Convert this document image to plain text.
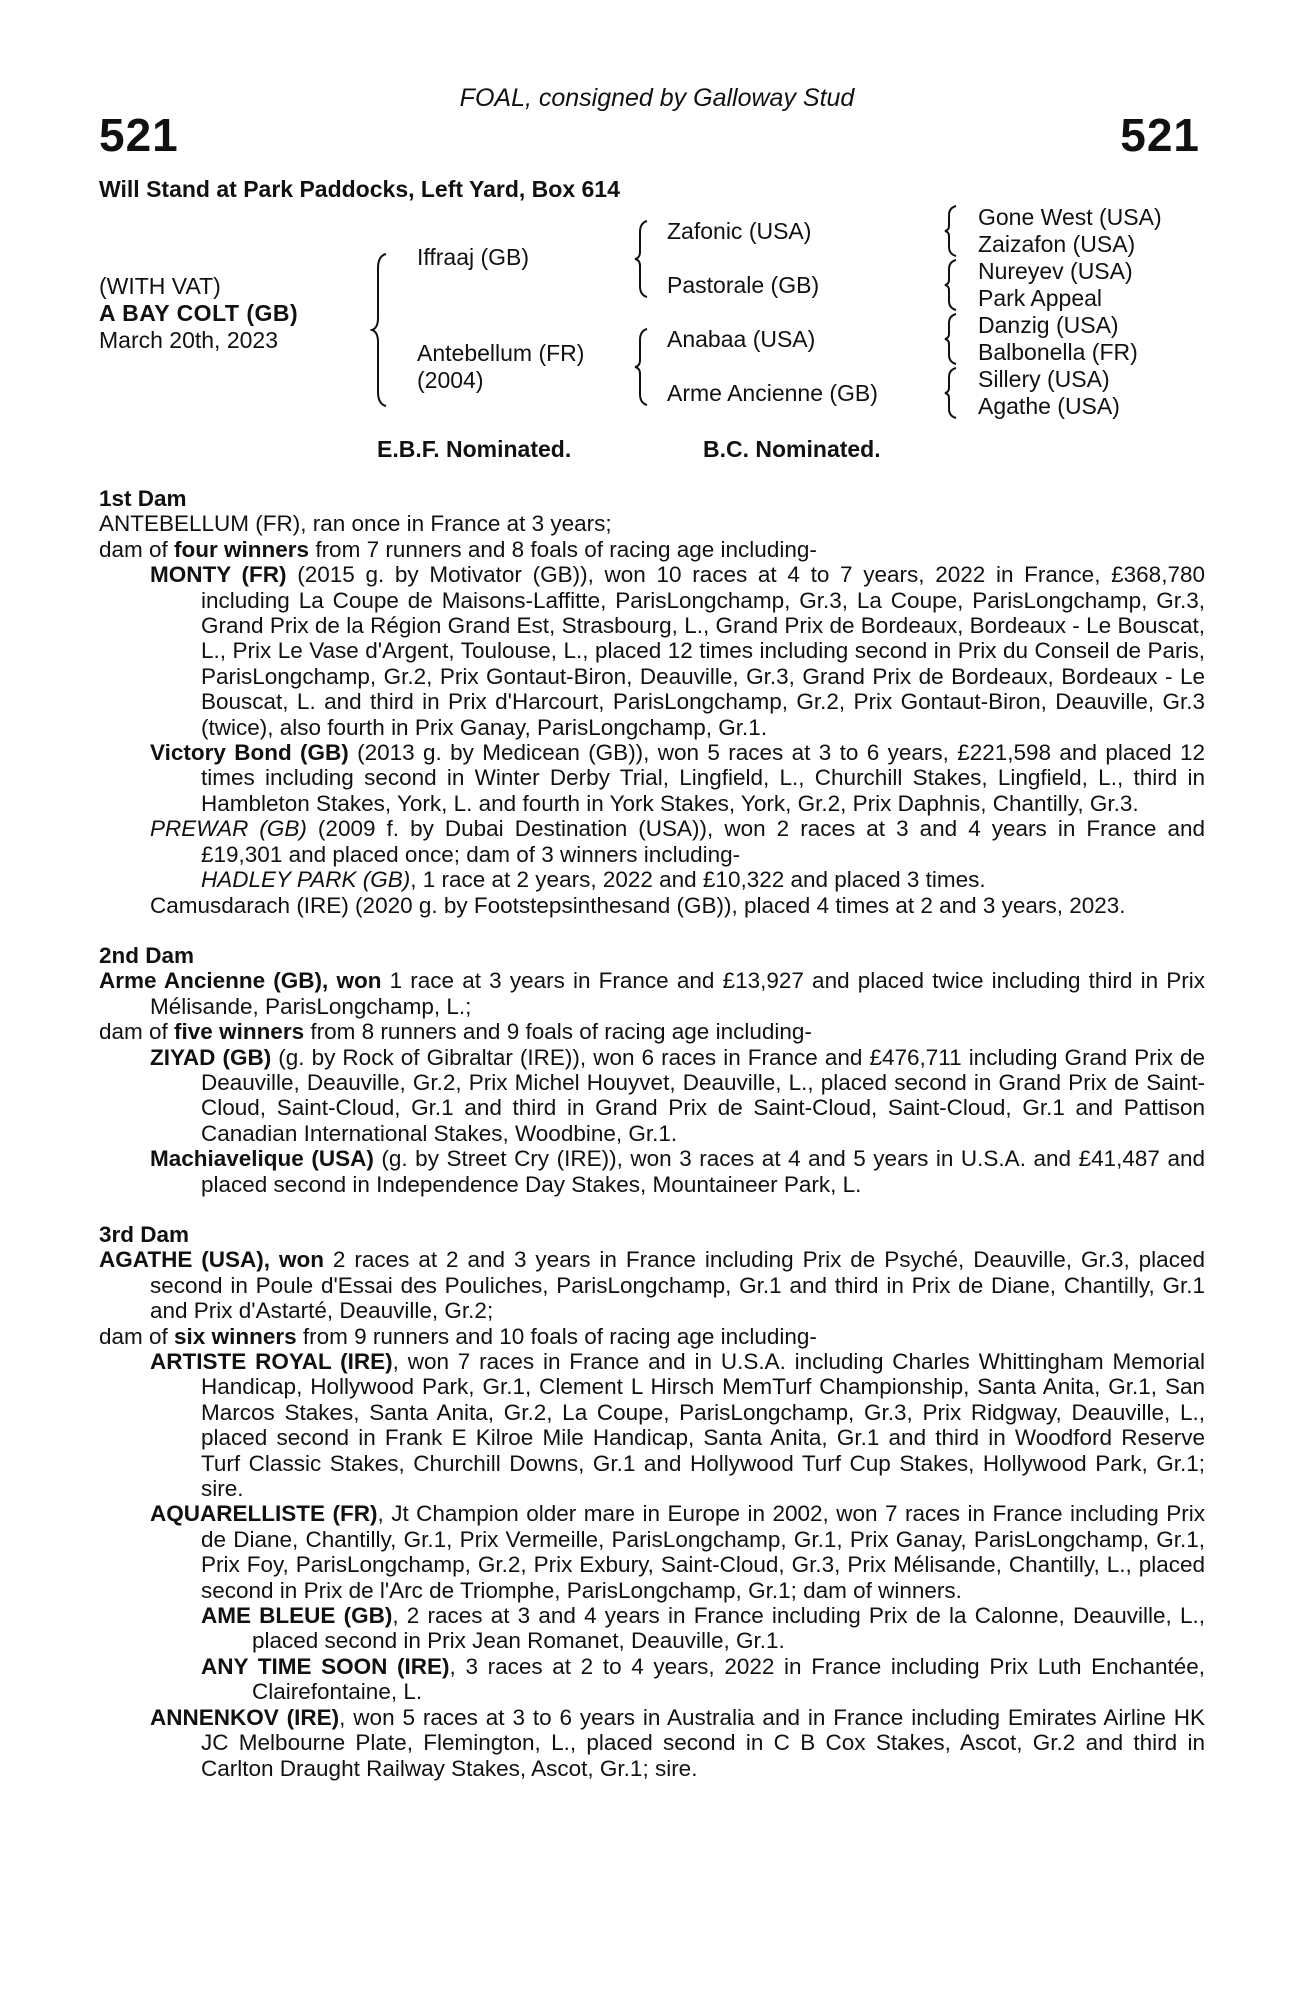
FOAL, consigned by Galloway Stud
521	521
Will Stand at Park Paddocks, Left Yard, Box 614
(WITH VAT)
A BAY COLT (GB)
March 20th, 2023
Iffraaj (GB)
Antebellum (FR)
(2004)
Zafonic (USA)
Pastorale (GB)
Anabaa (USA)
Arme Ancienne (GB)
Gone West (USA)
Zaizafon (USA)
Nureyev (USA)
Park Appeal
Danzig (USA)
Balbonella (FR)
Sillery (USA)
Agathe (USA)
E.B.F. Nominated.	B.C. Nominated.
1st Dam

ANTEBELLUM (FR), ran once in France at 3 years;

dam of four winners from 7 runners and 8 foals of racing age including-

MONTY (FR) (2015 g. by Motivator (GB)), won 10 races at 4 to 7 years, 2022 in France, £368,780 including La Coupe de Maisons-Laffitte, ParisLongchamp, Gr.3, La Coupe, ParisLongchamp, Gr.3, Grand Prix de la Région Grand Est, Strasbourg, L., Grand Prix de Bordeaux, Bordeaux - Le Bouscat, L., Prix Le Vase d'Argent, Toulouse, L., placed 12 times including second in Prix du Conseil de Paris, ParisLongchamp, Gr.2, Prix Gontaut-Biron, Deauville, Gr.3, Grand Prix de Bordeaux, Bordeaux - Le Bouscat, L. and third in Prix d'Harcourt, ParisLongchamp, Gr.2, Prix Gontaut-Biron, Deauville, Gr.3 (twice), also fourth in Prix Ganay, ParisLongchamp, Gr.1.

Victory Bond (GB) (2013 g. by Medicean (GB)), won 5 races at 3 to 6 years, £221,598 and placed 12 times including second in Winter Derby Trial, Lingfield, L., Churchill Stakes, Lingfield, L., third in Hambleton Stakes, York, L. and fourth in York Stakes, York, Gr.2, Prix Daphnis, Chantilly, Gr.3.

PREWAR (GB) (2009 f. by Dubai Destination (USA)), won 2 races at 3 and 4 years in France and £19,301 and placed once; dam of 3 winners including-

HADLEY PARK (GB), 1 race at 2 years, 2022 and £10,322 and placed 3 times.

Camusdarach (IRE) (2020 g. by Footstepsinthesand (GB)), placed 4 times at 2 and 3 years, 2023.

2nd Dam

Arme Ancienne (GB), won 1 race at 3 years in France and £13,927 and placed twice including third in Prix Mélisande, ParisLongchamp, L.;

dam of five winners from 8 runners and 9 foals of racing age including-

ZIYAD (GB) (g. by Rock of Gibraltar (IRE)), won 6 races in France and £476,711 including Grand Prix de Deauville, Deauville, Gr.2, Prix Michel Houyvet, Deauville, L., placed second in Grand Prix de Saint-Cloud, Saint-Cloud, Gr.1 and third in Grand Prix de Saint-Cloud, Saint-Cloud, Gr.1 and Pattison Canadian International Stakes, Woodbine, Gr.1.

Machiavelique (USA) (g. by Street Cry (IRE)), won 3 races at 4 and 5 years in U.S.A. and £41,487 and placed second in Independence Day Stakes, Mountaineer Park, L.

3rd Dam

AGATHE (USA), won 2 races at 2 and 3 years in France including Prix de Psyché, Deauville, Gr.3, placed second in Poule d'Essai des Pouliches, ParisLongchamp, Gr.1 and third in Prix de Diane, Chantilly, Gr.1 and Prix d'Astarté, Deauville, Gr.2;

dam of six winners from 9 runners and 10 foals of racing age including-

ARTISTE ROYAL (IRE), won 7 races in France and in U.S.A. including Charles Whittingham Memorial Handicap, Hollywood Park, Gr.1, Clement L Hirsch MemTurf Championship, Santa Anita, Gr.1, San Marcos Stakes, Santa Anita, Gr.2, La Coupe, ParisLongchamp, Gr.3, Prix Ridgway, Deauville, L., placed second in Frank E Kilroe Mile Handicap, Santa Anita, Gr.1 and third in Woodford Reserve Turf Classic Stakes, Churchill Downs, Gr.1 and Hollywood Turf Cup Stakes, Hollywood Park, Gr.1; sire.

AQUARELLISTE (FR), Jt Champion older mare in Europe in 2002, won 7 races in France including Prix de Diane, Chantilly, Gr.1, Prix Vermeille, ParisLongchamp, Gr.1, Prix Ganay, ParisLongchamp, Gr.1, Prix Foy, ParisLongchamp, Gr.2, Prix Exbury, Saint-Cloud, Gr.3, Prix Mélisande, Chantilly, L., placed second in Prix de l'Arc de Triomphe, ParisLongchamp, Gr.1; dam of winners.

AME BLEUE (GB), 2 races at 3 and 4 years in France including Prix de la Calonne, Deauville, L., placed second in Prix Jean Romanet, Deauville, Gr.1.

ANY TIME SOON (IRE), 3 races at 2 to 4 years, 2022 in France including Prix Luth Enchantée, Clairefontaine, L.

ANNENKOV (IRE), won 5 races at 3 to 6 years in Australia and in France including Emirates Airline HK JC Melbourne Plate, Flemington, L., placed second in C B Cox Stakes, Ascot, Gr.2 and third in Carlton Draught Railway Stakes, Ascot, Gr.1; sire.
